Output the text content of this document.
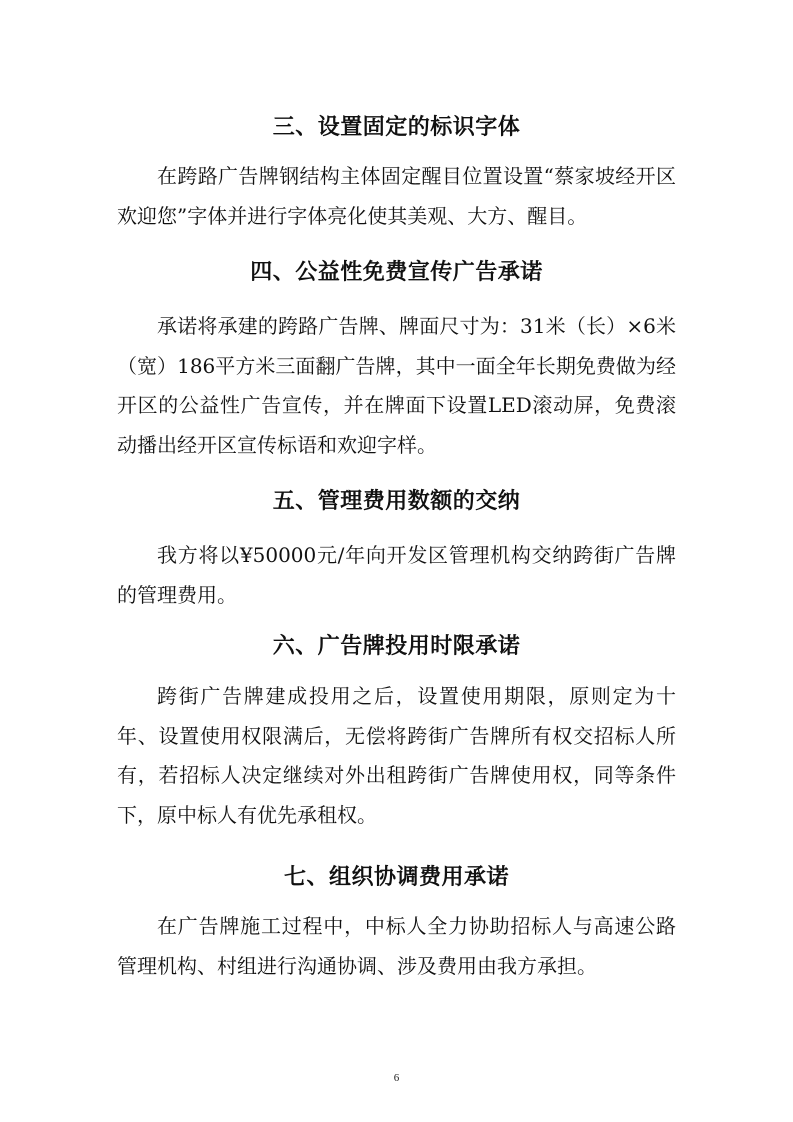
三、设置固定的标识字体

在跨路广告牌钢结构主体固定醒目位置设置“蔡家坡经开区欢迎您”字体并进行字体亮化使其美观、大方、醒目。

四、公益性免费宣传广告承诺

承诺将承建的跨路广告牌、牌面尺寸为：31米（长）×6米（宽）186平方米三面翻广告牌，其中一面全年长期免费做为经开区的公益性广告宣传，并在牌面下设置LED滚动屏，免费滚动播出经开区宣传标语和欢迎字样。

五、管理费用数额的交纳

我方将以¥50000元/年向开发区管理机构交纳跨街广告牌的管理费用。

六、广告牌投用时限承诺

跨街广告牌建成投用之后，设置使用期限，原则定为十年、设置使用权限满后，无偿将跨街广告牌所有权交招标人所有，若招标人决定继续对外出租跨街广告牌使用权，同等条件下，原中标人有优先承租权。

七、组织协调费用承诺

在广告牌施工过程中，中标人全力协助招标人与高速公路管理机构、村组进行沟通协调、涉及费用由我方承担。

6
